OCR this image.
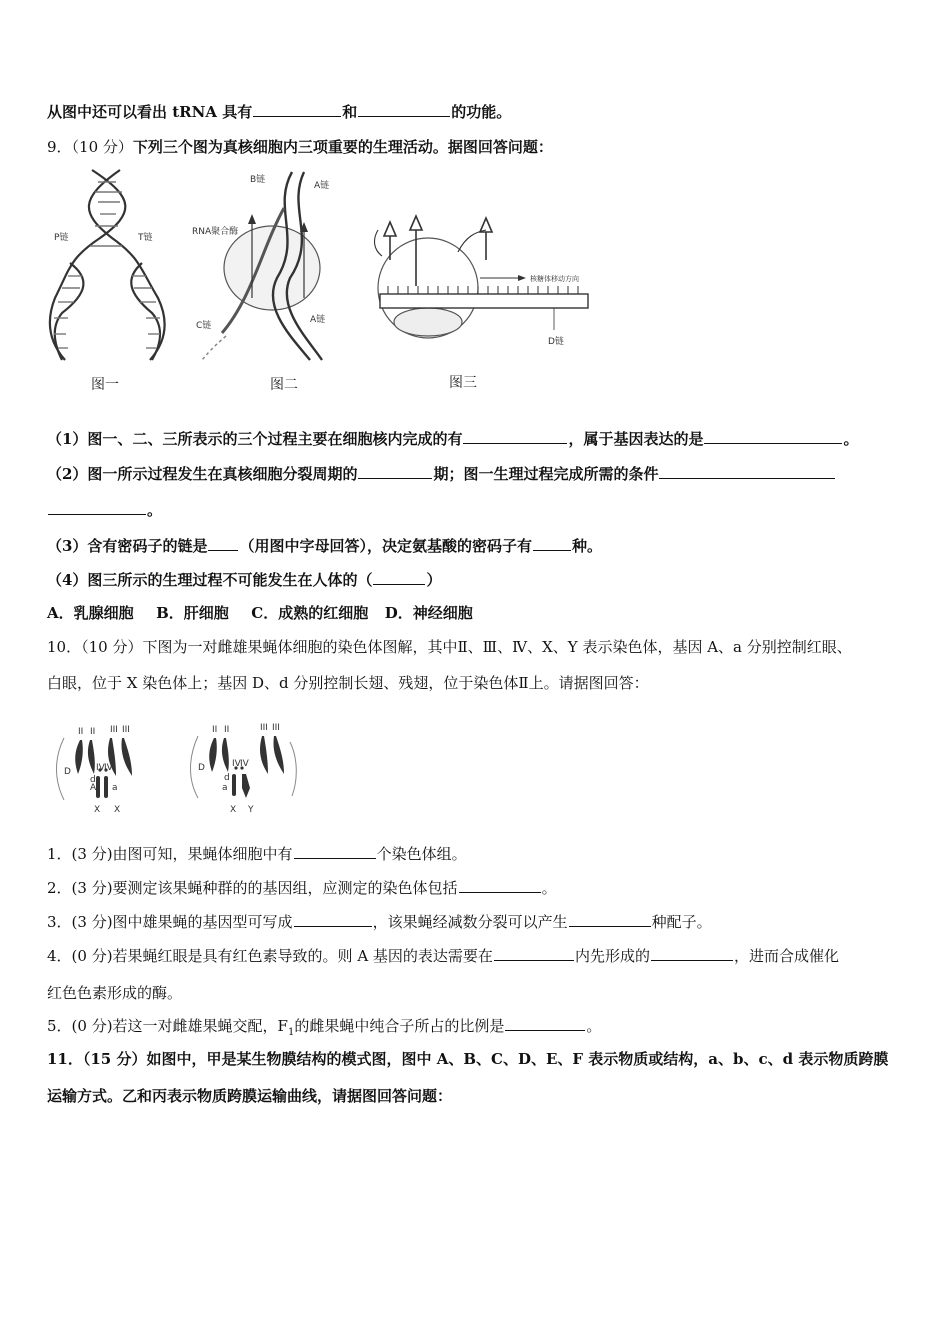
从图中还可以看出 tRNA 具有	和	的功能。
9．（10 分）下列三个图为真核细胞内三项重要的生理活动。据图回答问题：
P链	T链
图一
B链
A链
RNA聚合酶
C链
A链
图二
核糖体移动方向
D链
图三
（1）图一、二、三所表示的三个过程主要在细胞核内完成的有	，属于基因表达的是	。
（2）图一所示过程发生在真核细胞分裂周期的	期；图一生理过程完成所需的条件
。
（3）含有密码子的链是 （用图中字母回答），决定氨基酸的密码子有	种。
（4）图三所示的生理过程不可能发生在人体的（	）
A．乳腺细胞 B．肝细胞 C．成熟的红细胞 D．神经细胞
10．（10 分）下图为一对雌雄果蝇体细胞的染色体图解，其中Ⅱ、Ⅲ、Ⅳ、X、Y 表示染色体，基因 A、a 分别控制红眼、
白眼，位于 X 染色体上；基因 D、d 分别控制长翅、残翅，位于染色体Ⅱ上。请据图回答：
II II III III
IV IV
D
d
A a
X X
II II	III III
IV IV
D
d
a
X Y
1．(3 分)由图可知，果蝇体细胞中有	个染色体组。
2．(3 分)要测定该果蝇种群的的基因组，应测定的染色体包括	。
3．(3 分)图中雄果蝇的基因型可写成	，该果蝇经减数分裂可以产生	种配子。
4．(0 分)若果蝇红眼是具有红色素导致的。则 A 基因的表达需要在	内先形成的	，进而合成催化
红色色素形成的酶。
5．(0 分)若这一对雌雄果蝇交配，$F_1$的雌果蝇中纯合子所占的比例是	。
11．（15 分）如图中，甲是某生物膜结构的模式图，图中 A、B、C、D、E、F 表示物质或结构，a、b、c、d 表示物质跨膜
运输方式。乙和丙表示物质跨膜运输曲线，请据图回答问题：
